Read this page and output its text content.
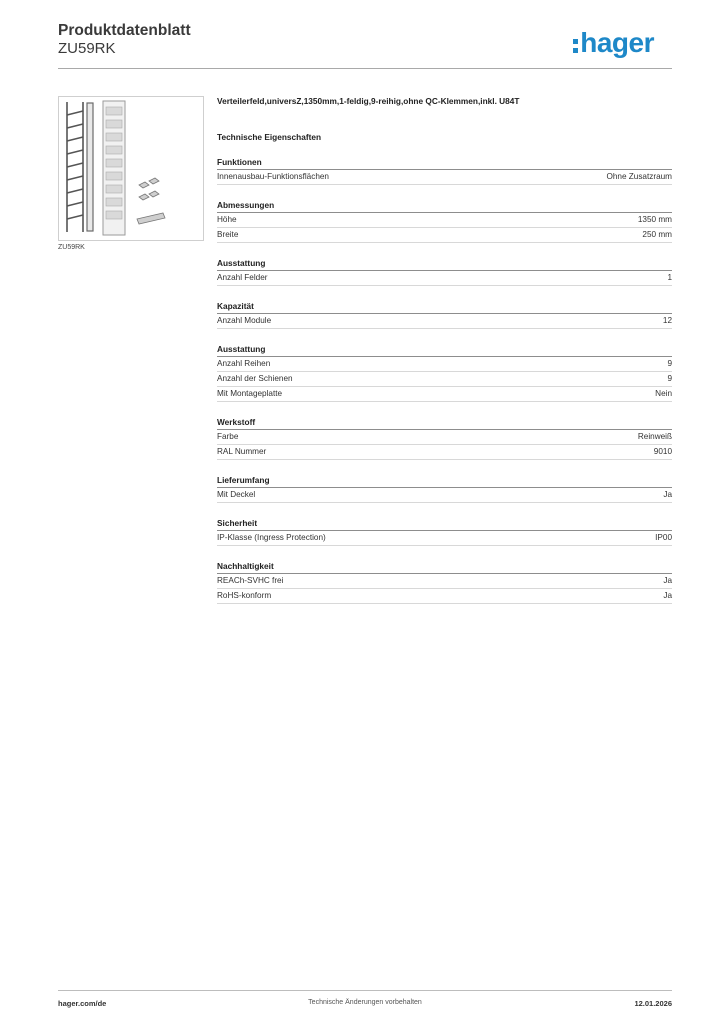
Produktdatenblatt
ZU59RK	hager
ZU59RK
Verteilerfeld,universZ,1350mm,1-feldig,9-reihig,ohne QC-Klemmen,inkl. U84T
Technische Eigenschaften
Funktionen
Innenausbau-Funktionsflächen	Ohne Zusatzraum
Abmessungen
Höhe	1350 mm
Breite	250 mm
Ausstattung
Anzahl Felder	1
Kapazität
Anzahl Module	12
Ausstattung
Anzahl Reihen	9
Anzahl der Schienen	9
Mit Montageplatte	Nein
Werkstoff
Farbe	Reinweiß
RAL Nummer	9010
Lieferumfang
Mit Deckel	Ja
Sicherheit
IP-Klasse (Ingress Protection)	IP00
Nachhaltigkeit
REACh-SVHC frei	Ja
RoHS-konform	Ja
hager.com/de	Technische Änderungen vorbehalten	12.01.2026
